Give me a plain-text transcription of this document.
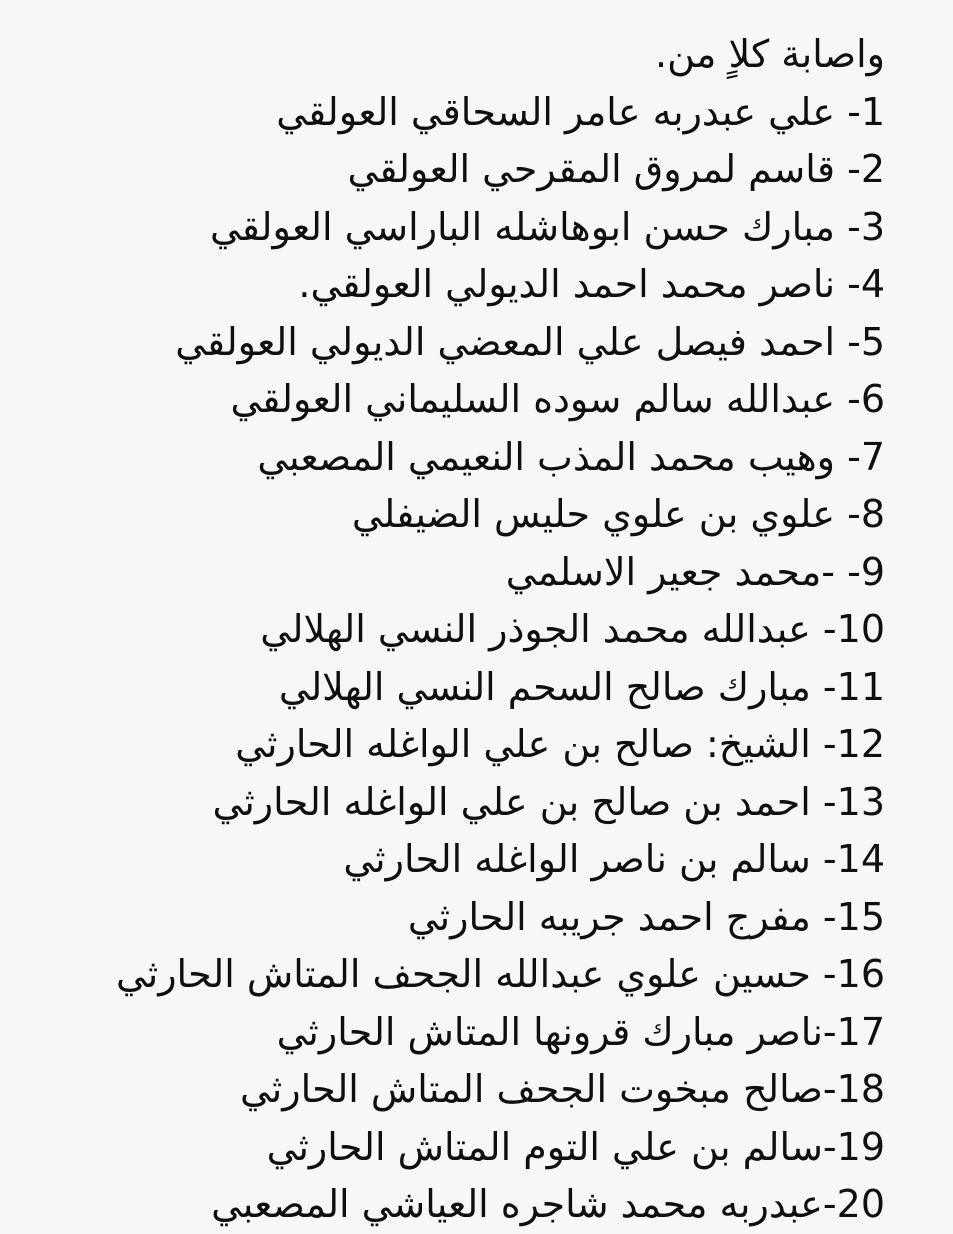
واصابة كلاٍ من.
1- علي عبدربه عامر السحاقي العولقي
2- قاسم لمروق المقرحي العولقي
3- مبارك حسن ابوهاشله الباراسي العولقي
4- ناصر محمد احمد الديولي العولقي.
5- احمد فيصل علي المعضي الديولي العولقي
6- عبدالله سالم سوده السليماني العولقي
7- وهيب محمد المذب النعيمي المصعبي
8- علوي بن علوي حليس الضيفلي
9- -محمد جعير الاسلمي
10- عبدالله محمد الجوذر النسي الهلالي
11- مبارك صالح السحم النسي الهلالي
12- الشيخ: صالح بن علي الواغله الحارثي
13- احمد بن صالح بن علي الواغله الحارثي
14- سالم بن ناصر الواغله الحارثي
15- مفرج احمد جريبه الحارثي
16- حسين علوي عبدالله الجحف المتاش الحارثي
17-ناصر مبارك قرونها المتاش الحارثي
18-صالح مبخوت الجحف المتاش الحارثي
19-سالم بن علي التوم المتاش الحارثي
20-عبدربه محمد شاجره العياشي المصعبي
